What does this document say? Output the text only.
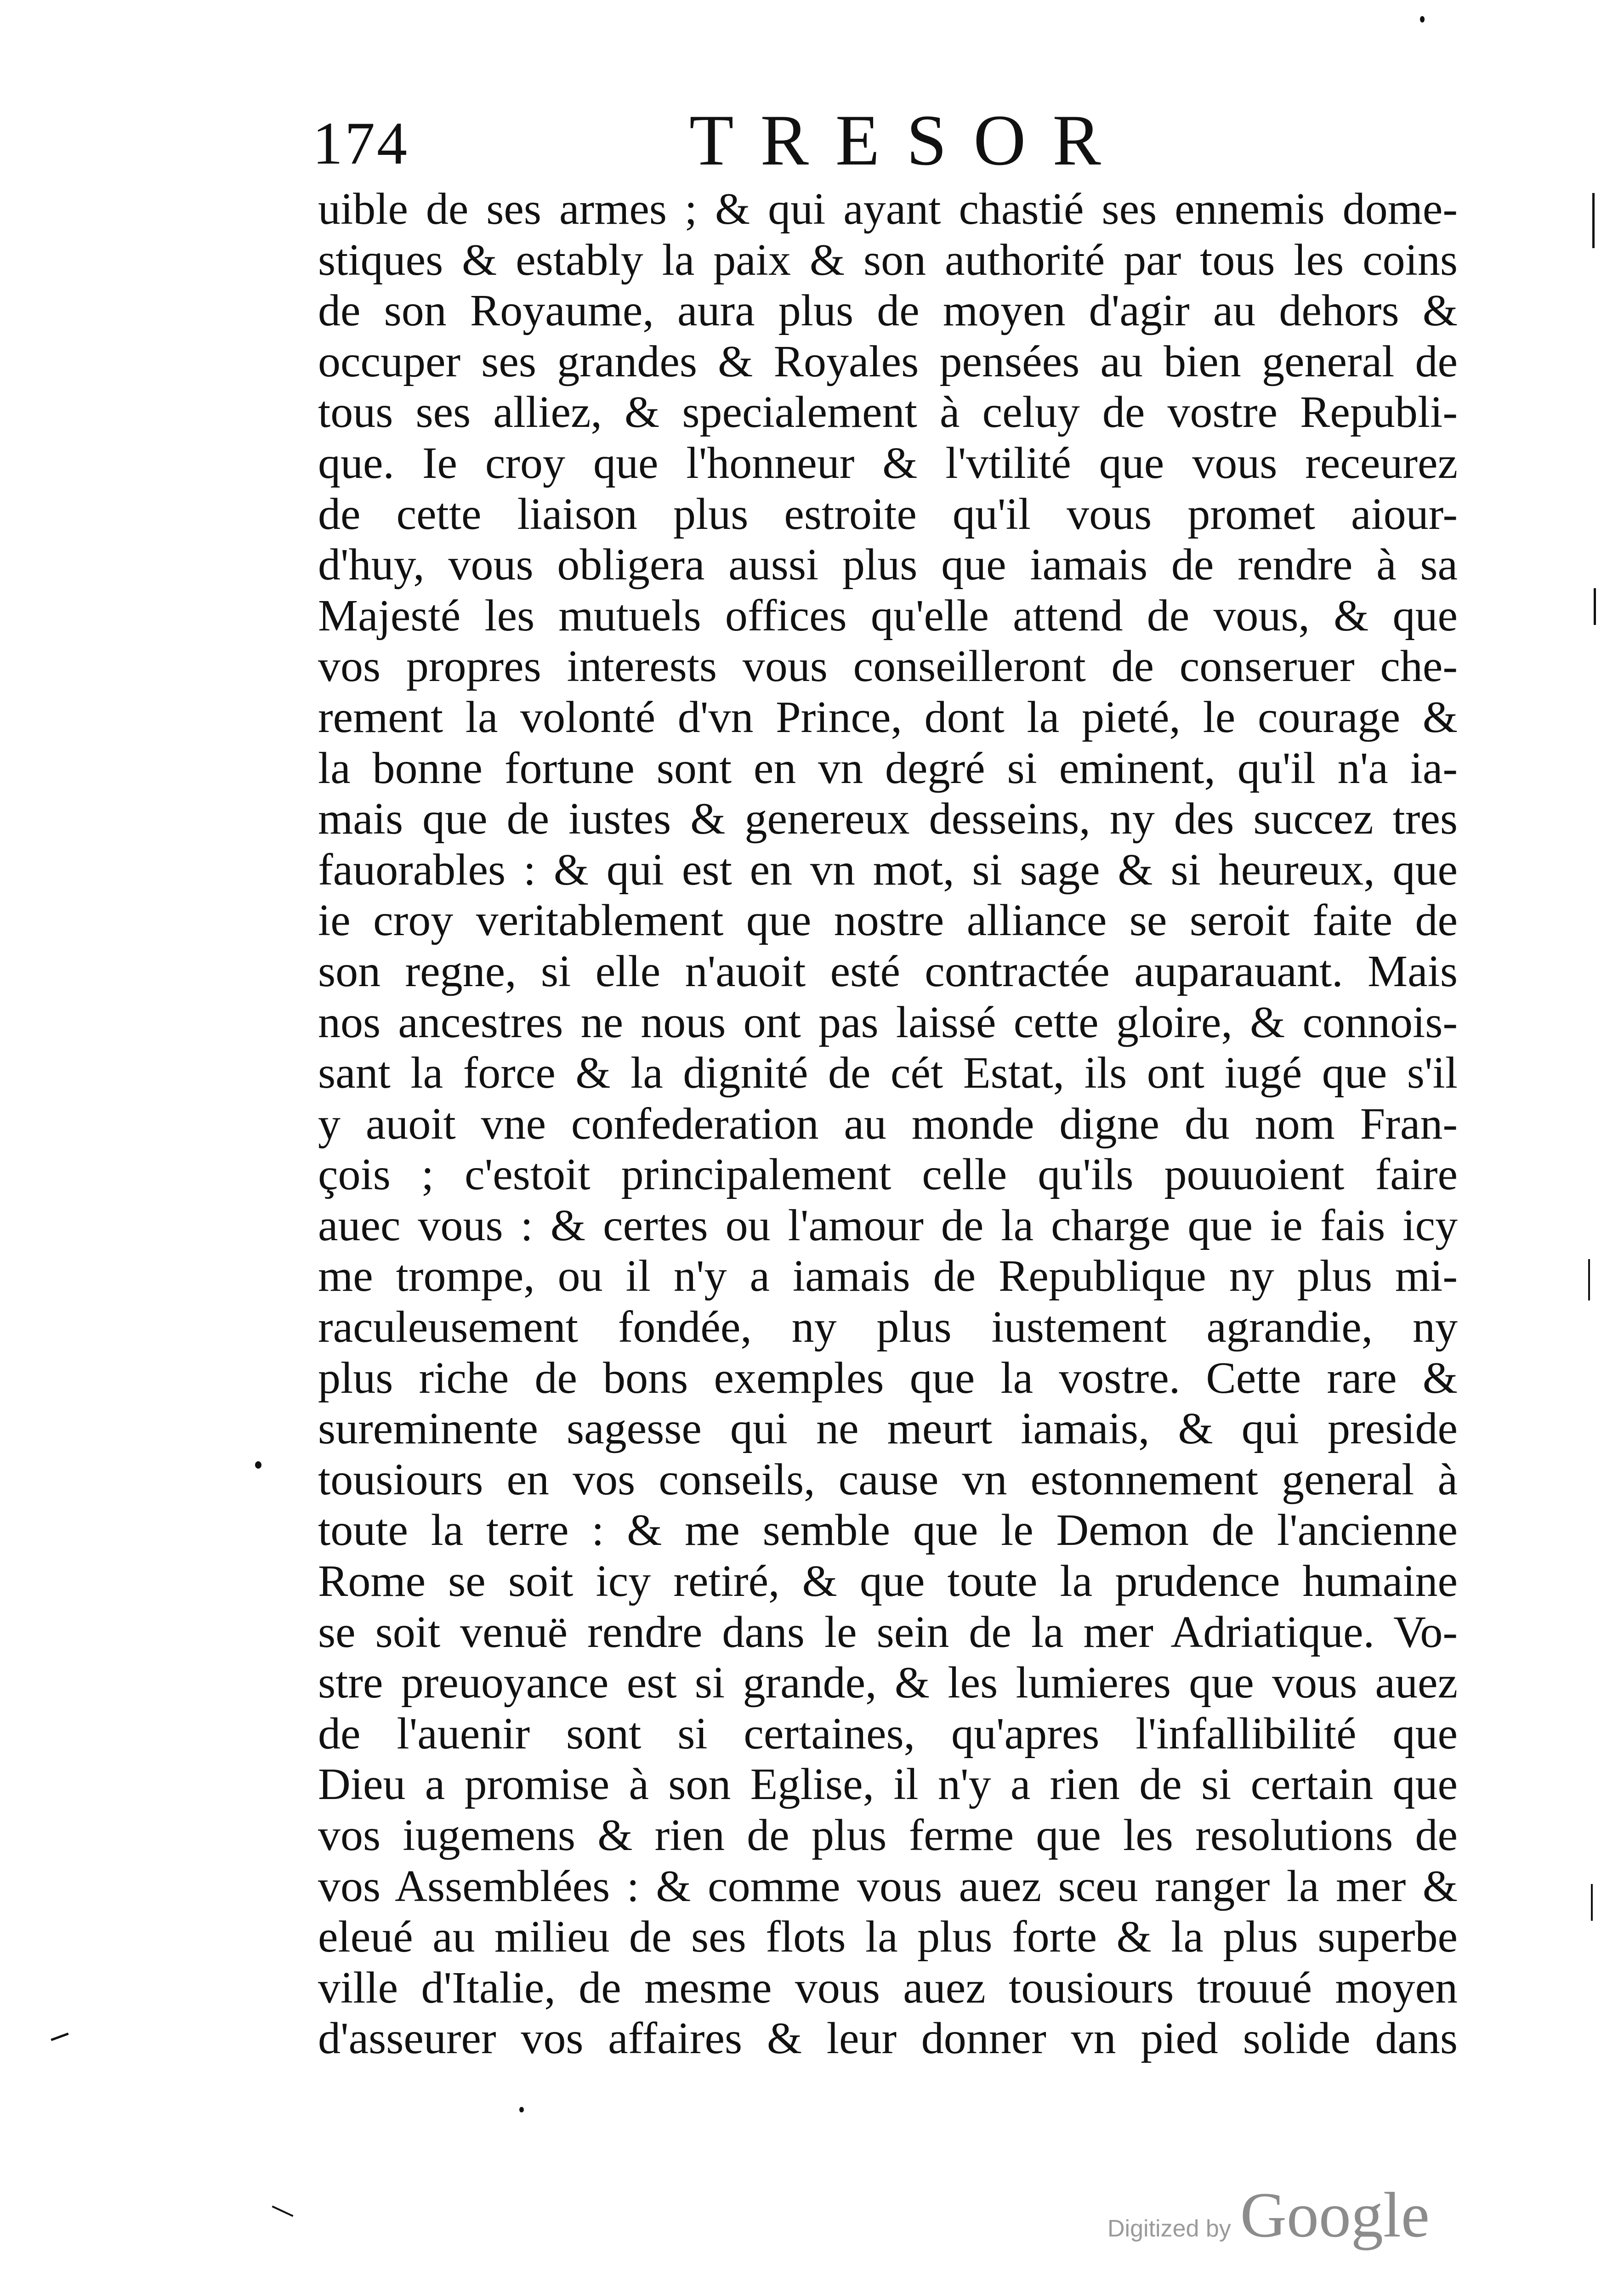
174	TRESOR
uible de ses armes ; & qui ayant chastié ses ennemis dome-
stiques & estably la paix & son authorité par tous les coins
de son Royaume, aura plus de moyen d'agir au dehors &
occuper ses grandes & Royales pensées au bien general de
tous ses alliez, & specialement à celuy de vostre Republi-
que. Ie croy que l'honneur & l'vtilité que vous receurez
de cette liaison plus estroite qu'il vous promet aiour-
d'huy, vous obligera aussi plus que iamais de rendre à sa
Majesté les mutuels offices qu'elle attend de vous, & que
vos propres interests vous conseilleront de conseruer che-
rement la volonté d'vn Prince, dont la pieté, le courage &
la bonne fortune sont en vn degré si eminent, qu'il n'a ia-
mais que de iustes & genereux desseins, ny des succez tres
fauorables : & qui est en vn mot, si sage & si heureux, que
ie croy veritablement que nostre alliance se seroit faite de
son regne, si elle n'auoit esté contractée auparauant. Mais
nos ancestres ne nous ont pas laissé cette gloire, & connois-
sant la force & la dignité de cét Estat, ils ont iugé que s'il
y auoit vne confederation au monde digne du nom Fran-
çois ; c'estoit principalement celle qu'ils pouuoient faire
auec vous : & certes ou l'amour de la charge que ie fais icy
me trompe, ou il n'y a iamais de Republique ny plus mi-
raculeusement fondée, ny plus iustement agrandie, ny
plus riche de bons exemples que la vostre. Cette rare &
sureminente sagesse qui ne meurt iamais, & qui preside
tousiours en vos conseils, cause vn estonnement general à
toute la terre : & me semble que le Demon de l'ancienne
Rome se soit icy retiré, & que toute la prudence humaine
se soit venuë rendre dans le sein de la mer Adriatique. Vo-
stre preuoyance est si grande, & les lumieres que vous auez
de l'auenir sont si certaines, qu'apres l'infallibilité que
Dieu a promise à son Eglise, il n'y a rien de si certain que
vos iugemens & rien de plus ferme que les resolutions de
vos Assemblées : & comme vous auez sceu ranger la mer &
eleué au milieu de ses flots la plus forte & la plus superbe
ville d'Italie, de mesme vous auez tousiours trouué moyen
d'asseurer vos affaires & leur donner vn pied solide dans
Digitized by Google
